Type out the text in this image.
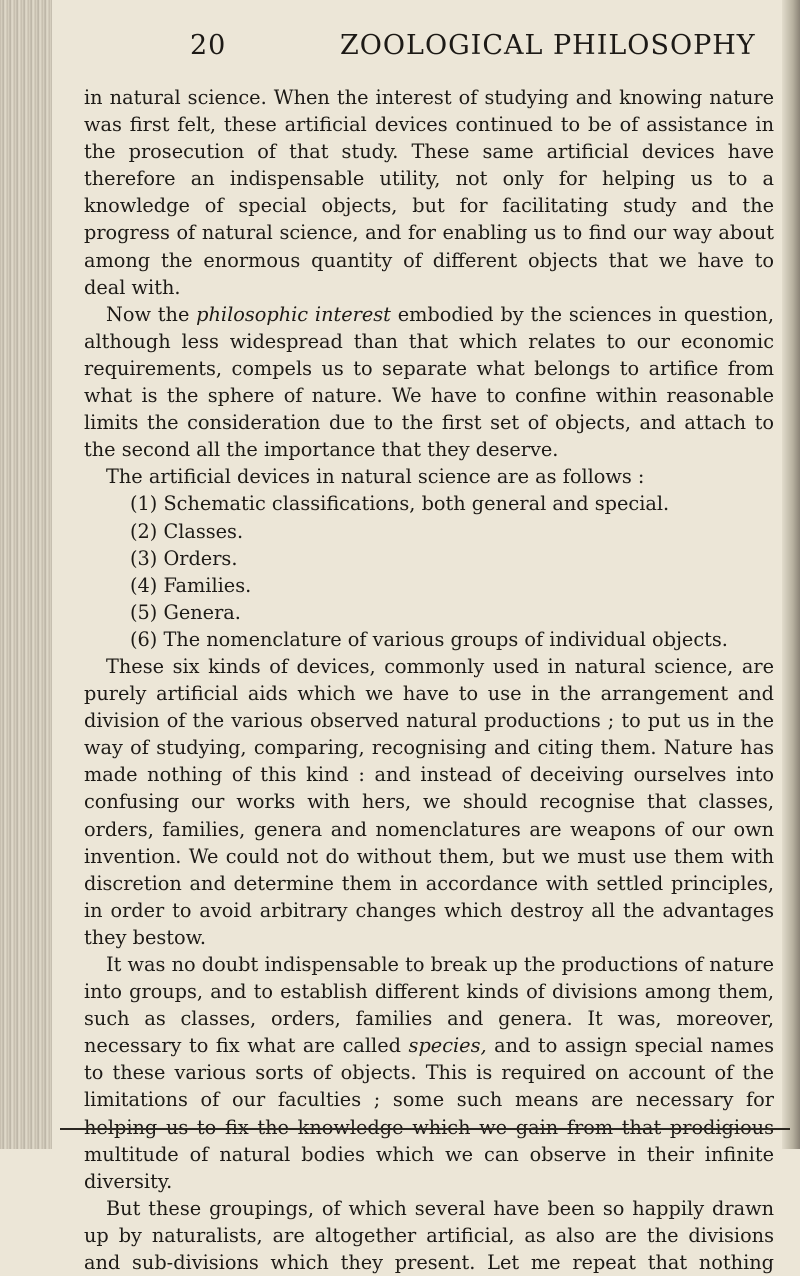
20	ZOOLOGICAL PHILOSOPHY

in natural science. When the interest of studying and knowing nature was first felt, these artificial devices continued to be of assistance in the prosecution of that study. These same artificial devices have therefore an indispensable utility, not only for helping us to a knowledge of special objects, but for facilitating study and the progress of natural science, and for enabling us to find our way about among the enormous quantity of different objects that we have to deal with.

Now the philosophic interest embodied by the sciences in question, although less widespread than that which relates to our economic requirements, compels us to separate what belongs to artifice from what is the sphere of nature. We have to confine within reasonable limits the consideration due to the first set of objects, and attach to the second all the importance that they deserve.

The artificial devices in natural science are as follows :

(1) Schematic classifications, both general and special.

(2) Classes.

(3) Orders.

(4) Families.

(5) Genera.

(6) The nomenclature of various groups of individual objects.

These six kinds of devices, commonly used in natural science, are purely artificial aids which we have to use in the arrangement and division of the various observed natural productions ; to put us in the way of studying, comparing, recognising and citing them. Nature has made nothing of this kind : and instead of deceiving ourselves into confusing our works with hers, we should recognise that classes, orders, families, genera and nomenclatures are weapons of our own invention. We could not do without them, but we must use them with discretion and determine them in accordance with settled principles, in order to avoid arbitrary changes which destroy all the advantages they bestow.

It was no doubt indispensable to break up the productions of nature into groups, and to establish different kinds of divisions among them, such as classes, orders, families and genera. It was, moreover, necessary to fix what are called species, and to assign special names to these various sorts of objects. This is required on account of the limitations of our faculties ; some such means are necessary for multitude of natural bodies which we can observe in their infinite diversity.

But these groupings, of which several have been so happily drawn up by naturalists, are altogether artificial, as also are the divisions and sub-divisions which they present. Let me repeat that nothing
